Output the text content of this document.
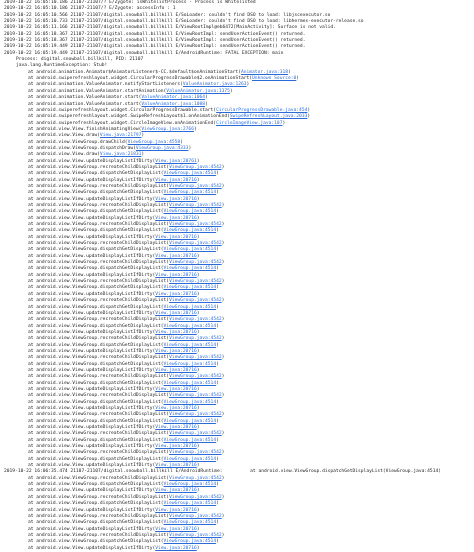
2019-10-22 16:05:10.186 21107-21107/? E/Zygote: isWhitelistProcess - Process is Whitelisted
2019-10-22 16:05:10.186 21107-21107/? E/Zygote: accessInfo : 1
2019-10-22 16:05:10.566 21107-21107/digital.snowball.billkill E/SoLoader: couldn't find DSO to load: libjscexecutor.so
2019-10-22 16:05:10.733 21107-21107/digital.snowball.billkill E/SoLoader: couldn't find DSO to load: libhermes-executor-release.so
2019-10-22 16:05:11.166 21107-21107/digital.snowball.billkill E/ViewRootImpl@eb6472[MainActivity]: Surface is not valid.
2019-10-22 16:05:18.367 21107-21107/digital.snowball.billkill E/ViewRootImpl: sendUserActionEvent() returned.
2019-10-22 16:05:18.367 21107-21107/digital.snowball.billkill E/ViewRootImpl: sendUserActionEvent() returned.
2019-10-22 16:05:19.449 21107-21107/digital.snowball.billkill E/ViewRootImpl: sendUserActionEvent() returned.
2019-10-22 16:05:19.449 21107-21107/digital.snowball.billkill E/AndroidRuntime: FATAL EXCEPTION: main
Process: digital.snowball.billkill, PID: 21107
java.lang.RuntimeException: Stub!
at android.animation.Animator$AnimatorListener$-CC.$default$onAnimationStart(Animator.java:318)
at android.swiperefreshlayout.widget.CircularProgressDrawable$2.onAnimationStart(Unknown Source:0)
at android.animation.ValueAnimator.notifyStartListeners(ValueAnimator.java:1263)
at android.animation.ValueAnimator.startAnimation(ValueAnimator.java:1375)
at android.animation.ValueAnimator.start(ValueAnimator.java:1064)
at android.animation.ValueAnimator.start(ValueAnimator.java:1088)
at android.swiperefreshlayout.widget.CircularProgressDrawable.start(CircularProgressDrawable.java:454)
at android.swiperefreshlayout.widget.SwipeRefreshLayout$1.onAnimationEnd(SwipeRefreshLayout.java:2033)
at android.swiperefreshlayout.widget.CircleImageView.onAnimationEnd(CircleImageView.java:107)
at android.view.View.finishAnimatingView(ViewGroup.java:2766)
at android.view.View.draw(View.java:21797)
at android.view.ViewGroup.drawChild(ViewGroup.java:4558)
at android.view.ViewGroup.dispatchDraw(ViewGroup.java:4333)
at android.view.View.draw(View.java:21831)
at android.view.View.updateDisplayListIfDirty(View.java:20761)
at android.view.ViewGroup.recreateChildDisplayList(ViewGroup.java:4542)
at android.view.ViewGroup.dispatchGetDisplayList(ViewGroup.java:4514)
at android.view.View.updateDisplayListIfDirty(View.java:20716)
at android.view.ViewGroup.recreateChildDisplayList(ViewGroup.java:4542)
at android.view.ViewGroup.dispatchGetDisplayList(ViewGroup.java:4514)
at android.view.View.updateDisplayListIfDirty(View.java:20716)
at android.view.ViewGroup.recreateChildDisplayList(ViewGroup.java:4542)
at android.view.ViewGroup.dispatchGetDisplayList(ViewGroup.java:4514)
at android.view.View.updateDisplayListIfDirty(View.java:20716)
at android.view.ViewGroup.recreateChildDisplayList(ViewGroup.java:4542)
at android.view.ViewGroup.dispatchGetDisplayList(ViewGroup.java:4514)
at android.view.View.updateDisplayListIfDirty(View.java:20716)
at android.view.ViewGroup.recreateChildDisplayList(ViewGroup.java:4542)
at android.view.ViewGroup.dispatchGetDisplayList(ViewGroup.java:4514)
at android.view.View.updateDisplayListIfDirty(View.java:20716)
at android.view.ViewGroup.recreateChildDisplayList(ViewGroup.java:4542)
at android.view.ViewGroup.dispatchGetDisplayList(ViewGroup.java:4514)
at android.view.View.updateDisplayListIfDirty(View.java:20716)
at android.view.ViewGroup.recreateChildDisplayList(ViewGroup.java:4542)
at android.view.ViewGroup.dispatchGetDisplayList(ViewGroup.java:4514)
at android.view.View.updateDisplayListIfDirty(View.java:20716)
at android.view.ViewGroup.recreateChildDisplayList(ViewGroup.java:4542)
at android.view.ViewGroup.dispatchGetDisplayList(ViewGroup.java:4514)
at android.view.View.updateDisplayListIfDirty(View.java:20716)
at android.view.ViewGroup.recreateChildDisplayList(ViewGroup.java:4542)
at android.view.ViewGroup.dispatchGetDisplayList(ViewGroup.java:4514)
at android.view.View.updateDisplayListIfDirty(View.java:20716)
at android.view.ViewGroup.recreateChildDisplayList(ViewGroup.java:4542)
at android.view.ViewGroup.dispatchGetDisplayList(ViewGroup.java:4514)
at android.view.View.updateDisplayListIfDirty(View.java:20716)
at android.view.ViewGroup.recreateChildDisplayList(ViewGroup.java:4542)
at android.view.ViewGroup.dispatchGetDisplayList(ViewGroup.java:4514)
at android.view.View.updateDisplayListIfDirty(View.java:20716)
at android.view.ViewGroup.recreateChildDisplayList(ViewGroup.java:4542)
at android.view.ViewGroup.dispatchGetDisplayList(ViewGroup.java:4514)
at android.view.View.updateDisplayListIfDirty(View.java:20716)
at android.view.ViewGroup.recreateChildDisplayList(ViewGroup.java:4542)
at android.view.ViewGroup.dispatchGetDisplayList(ViewGroup.java:4514)
at android.view.View.updateDisplayListIfDirty(View.java:20716)
at android.view.ViewGroup.recreateChildDisplayList(ViewGroup.java:4542)
at android.view.ViewGroup.dispatchGetDisplayList(ViewGroup.java:4514)
at android.view.View.updateDisplayListIfDirty(View.java:20716)
at android.view.ViewGroup.recreateChildDisplayList(ViewGroup.java:4542)
at android.view.ViewGroup.dispatchGetDisplayList(ViewGroup.java:4514)
at android.view.View.updateDisplayListIfDirty(View.java:20716)
at android.view.ViewGroup.recreateChildDisplayList(ViewGroup.java:4542)
at android.view.ViewGroup.dispatchGetDisplayList(ViewGroup.java:4514)
at android.view.View.updateDisplayListIfDirty(View.java:20716)
2019-10-22 16:06:35.474 21107-21107/digital.snowball.billkill E/AndroidRuntime:          at android.view.ViewGroup.dispatchGetDisplayList(ViewGroup.java:4514)
at android.view.ViewGroup.recreateChildDisplayList(ViewGroup.java:4542)
at android.view.ViewGroup.dispatchGetDisplayList(ViewGroup.java:4514)
at android.view.View.updateDisplayListIfDirty(View.java:20716)
at android.view.ViewGroup.recreateChildDisplayList(ViewGroup.java:4542)
at android.view.ViewGroup.dispatchGetDisplayList(ViewGroup.java:4514)
at android.view.View.updateDisplayListIfDirty(View.java:20716)
at android.view.ViewGroup.recreateChildDisplayList(ViewGroup.java:4542)
at android.view.ViewGroup.dispatchGetDisplayList(ViewGroup.java:4514)
at android.view.View.updateDisplayListIfDirty(View.java:20716)
at android.view.ViewGroup.recreateChildDisplayList(ViewGroup.java:4542)
at android.view.ViewGroup.dispatchGetDisplayList(ViewGroup.java:4514)
at android.view.View.updateDisplayListIfDirty(View.java:20716)
